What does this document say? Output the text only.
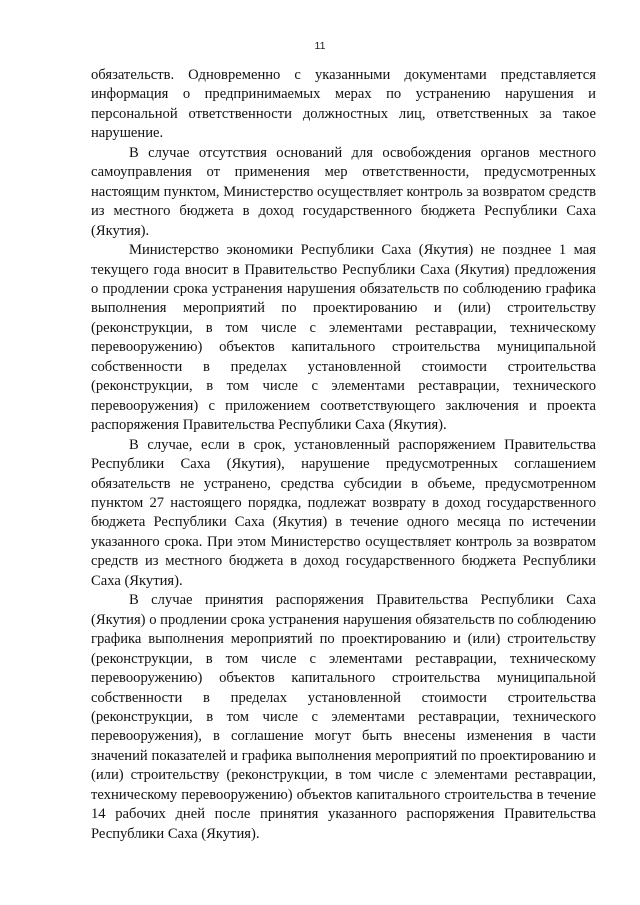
11

обязательств. Одновременно с указанными документами представляется информация о предпринимаемых мерах по устранению нарушения и персональной ответственности должностных лиц, ответственных за такое нарушение.

В случае отсутствия оснований для освобождения органов местного самоуправления от применения мер ответственности, предусмотренных настоящим пунктом, Министерство осуществляет контроль за возвратом средств из местного бюджета в доход государственного бюджета Республики Саха (Якутия).

Министерство экономики Республики Саха (Якутия) не позднее 1 мая текущего года вносит в Правительство Республики Саха (Якутия) предложения о продлении срока устранения нарушения обязательств по соблюдению графика выполнения мероприятий по проектированию и (или) строительству (реконструкции, в том числе с элементами реставрации, техническому перевооружению) объектов капитального строительства муниципальной собственности в пределах установленной стоимости строительства (реконструкции, в том числе с элементами реставрации, технического перевооружения) с приложением соответствующего заключения и проекта распоряжения Правительства Республики Саха (Якутия).

В случае, если в срок, установленный распоряжением Правительства Республики Саха (Якутия), нарушение предусмотренных соглашением обязательств не устранено, средства субсидии в объеме, предусмотренном пунктом 27 настоящего порядка, подлежат возврату в доход государственного бюджета Республики Саха (Якутия) в течение одного месяца по истечении указанного срока. При этом Министерство осуществляет контроль за возвратом средств из местного бюджета в доход государственного бюджета Республики Саха (Якутия).

В случае принятия распоряжения Правительства Республики Саха (Якутия) о продлении срока устранения нарушения обязательств по соблюдению графика выполнения мероприятий по проектированию и (или) строительству (реконструкции, в том числе с элементами реставрации, техническому перевооружению) объектов капитального строительства муниципальной собственности в пределах установленной стоимости строительства (реконструкции, в том числе с элементами реставрации, технического перевооружения), в соглашение могут быть внесены изменения в части значений показателей и графика выполнения мероприятий по проектированию и (или) строительству (реконструкции, в том числе с элементами реставрации, техническому перевооружению) объектов капитального строительства в течение 14 рабочих дней после принятия указанного распоряжения Правительства Республики Саха (Якутия).
